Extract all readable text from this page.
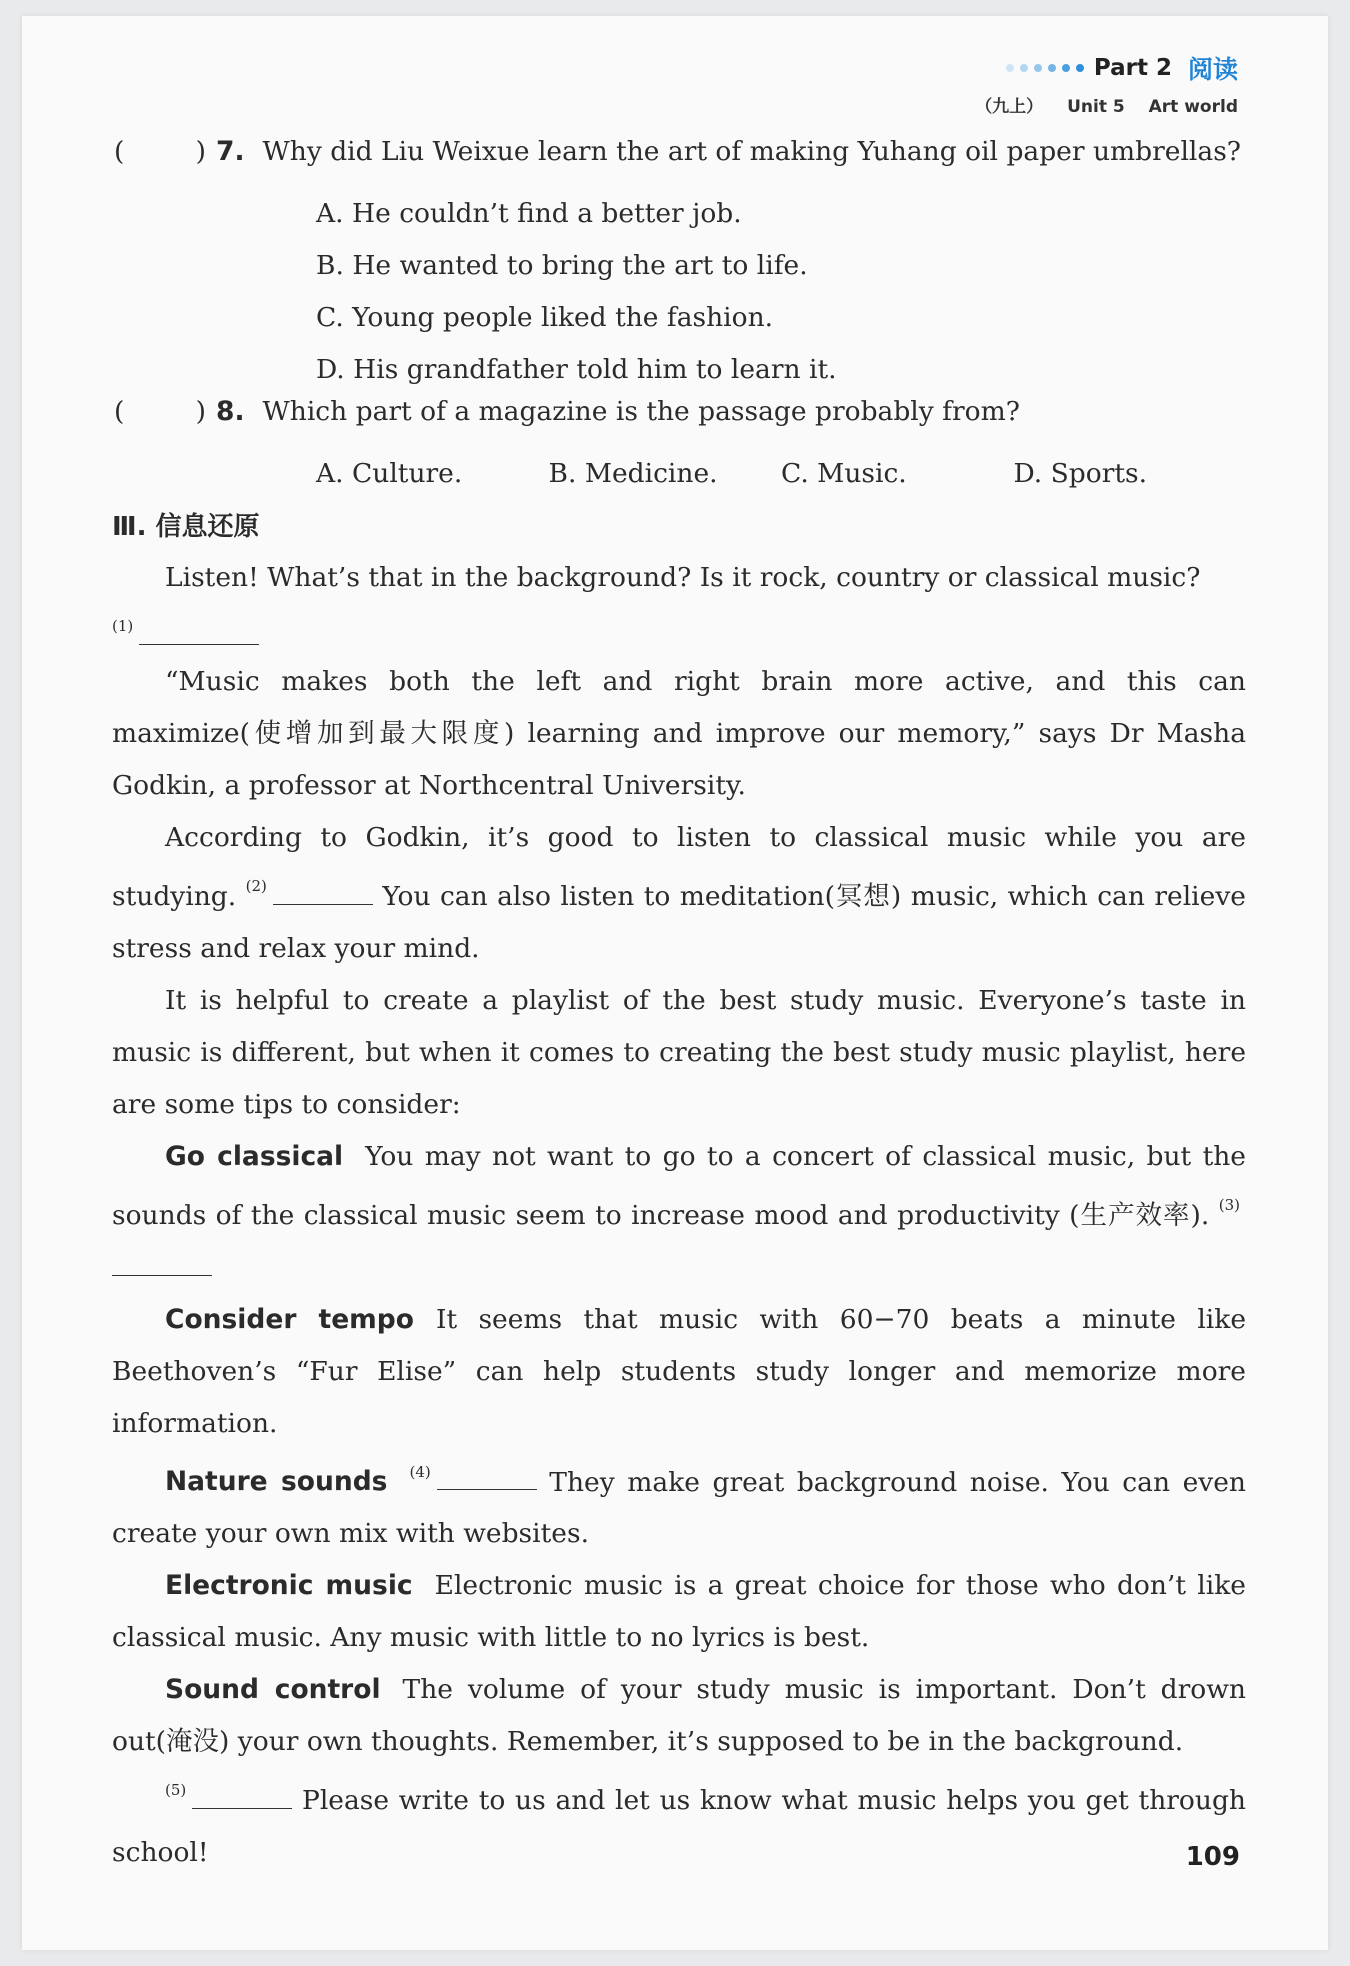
Part 2 阅读
（九上） Unit 5 Art world
(	) 7. Why did Liu Weixue learn the art of making Yuhang oil paper umbrellas?
A. He couldn’t find a better job.
B. He wanted to bring the art to life.
C. Young people liked the fashion.
D. His grandfather told him to learn it.
(	) 8. Which part of a magazine is the passage probably from?
A. Culture.	B. Medicine.	C. Music.	D. Sports.
Ⅲ. 信息还原

Listen! What’s that in the background? Is it rock, country or classical music?

$^{(1)}$

“Music makes both the left and right brain more active, and this can maximize(使增加到最大限度) learning and improve our memory,” says Dr Masha Godkin, a professor at Northcentral University.

According to Godkin, it’s good to listen to classical music while you are studying. $^{(2)}$	You can also listen to meditation(冥想) music, which can relieve stress and relax your mind.

It is helpful to create a playlist of the best study music. Everyone’s taste in music is different, but when it comes to creating the best study music playlist, here are some tips to consider:

Go classical You may not want to go to a concert of classical music, but the sounds of the classical music seem to increase mood and productivity (生产效率). $^{(3)}$

Consider tempo It seems that music with 60−70 beats a minute like Beethoven’s “Fur Elise” can help students study longer and memorize more information.

Nature sounds $^{(4)}$	They make great background noise. You can even create your own mix with websites.

Electronic music Electronic music is a great choice for those who don’t like classical music. Any music with little to no lyrics is best.

Sound control The volume of your study music is important. Don’t drown out(淹没) your own thoughts. Remember, it’s supposed to be in the background.

$^{(5)}$	Please write to us and let us know what music helps you get through school!	109
